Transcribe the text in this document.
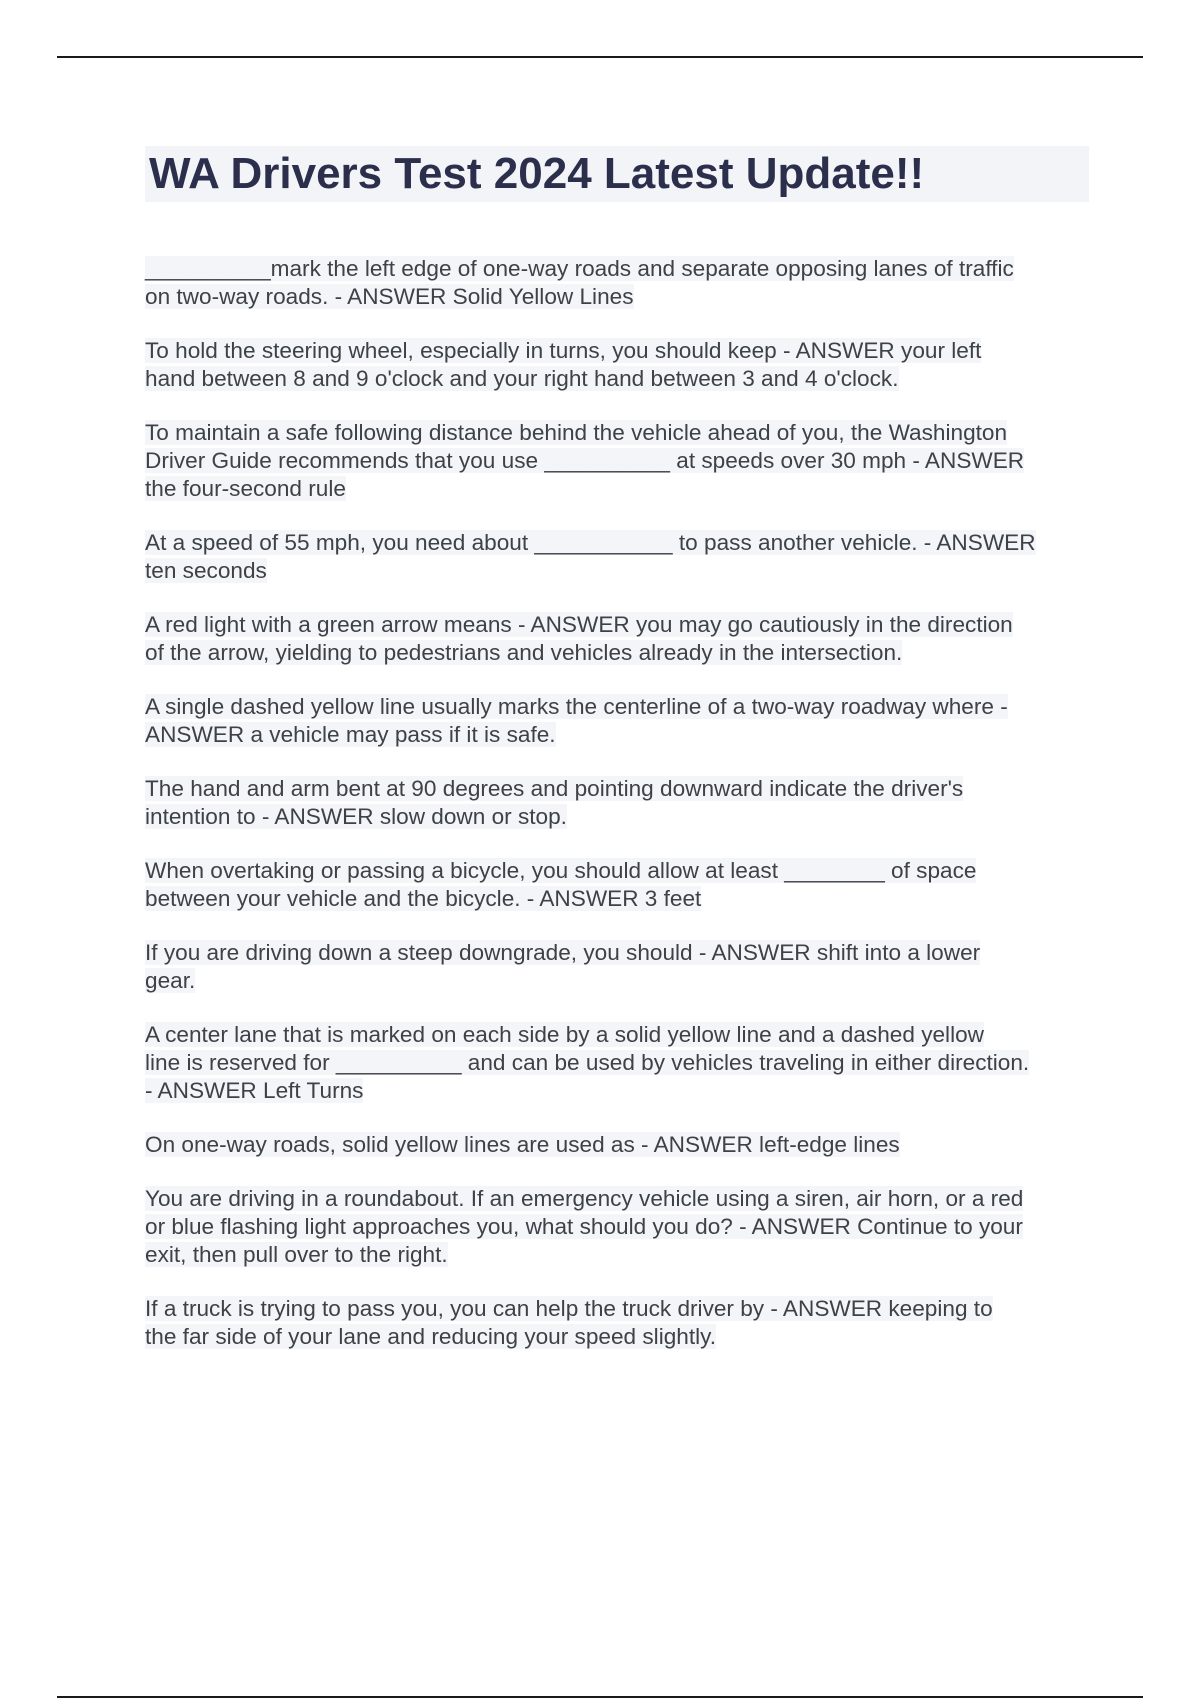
WA Drivers Test 2024 Latest Update!!

__________mark the left edge of one-way roads and separate opposing lanes of traffic
on two-way roads. - ANSWER Solid Yellow Lines

To hold the steering wheel, especially in turns, you should keep - ANSWER your left
hand between 8 and 9 o'clock and your right hand between 3 and 4 o'clock.

To maintain a safe following distance behind the vehicle ahead of you, the Washington
Driver Guide recommends that you use __________ at speeds over 30 mph - ANSWER
the four-second rule

At a speed of 55 mph, you need about ___________ to pass another vehicle. - ANSWER
ten seconds

A red light with a green arrow means - ANSWER you may go cautiously in the direction
of the arrow, yielding to pedestrians and vehicles already in the intersection.

A single dashed yellow line usually marks the centerline of a two-way roadway where -
ANSWER a vehicle may pass if it is safe.

The hand and arm bent at 90 degrees and pointing downward indicate the driver's
intention to - ANSWER slow down or stop.

When overtaking or passing a bicycle, you should allow at least ________ of space
between your vehicle and the bicycle. - ANSWER 3 feet

If you are driving down a steep downgrade, you should - ANSWER shift into a lower
gear.

A center lane that is marked on each side by a solid yellow line and a dashed yellow
line is reserved for __________ and can be used by vehicles traveling in either direction.
- ANSWER Left Turns

On one-way roads, solid yellow lines are used as - ANSWER left-edge lines

You are driving in a roundabout. If an emergency vehicle using a siren, air horn, or a red
or blue flashing light approaches you, what should you do? - ANSWER Continue to your
exit, then pull over to the right.

If a truck is trying to pass you, you can help the truck driver by - ANSWER keeping to
the far side of your lane and reducing your speed slightly.
